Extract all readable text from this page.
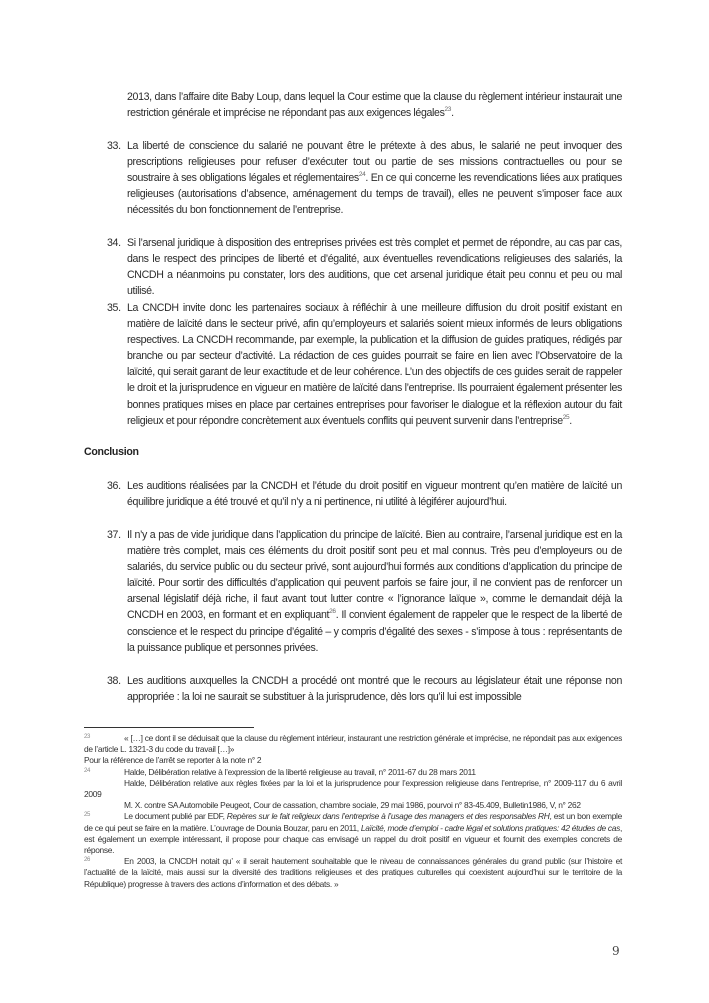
2013, dans l’affaire dite Baby Loup, dans lequel la Cour estime que la clause du règlement intérieur instaurait une restriction générale et imprécise ne répondant pas aux exigences légales$^{23}$.
33. La liberté de conscience du salarié ne pouvant être le prétexte à des abus, le salarié ne peut invoquer des prescriptions religieuses pour refuser d’exécuter tout ou partie de ses missions contractuelles ou pour se soustraire à ses obligations légales et réglementaires$^{24}$. En ce qui concerne les revendications liées aux pratiques religieuses (autorisations d’absence, aménagement du temps de travail), elles ne peuvent s’imposer face aux nécessités du bon fonctionnement de l’entreprise.
34. Si l’arsenal juridique à disposition des entreprises privées est très complet et permet de répondre, au cas par cas, dans le respect des principes de liberté et d’égalité, aux éventuelles revendications religieuses des salariés, la CNCDH a néanmoins pu constater, lors des auditions, que cet arsenal juridique était peu connu et peu ou mal utilisé.
35. La CNCDH invite donc les partenaires sociaux à réfléchir à une meilleure diffusion du droit positif existant en matière de laïcité dans le secteur privé, afin qu’employeurs et salariés soient mieux informés de leurs obligations respectives. La CNCDH recommande, par exemple, la publication et la diffusion de guides pratiques, rédigés par branche ou par secteur d’activité. La rédaction de ces guides pourrait se faire en lien avec l’Observatoire de la laïcité, qui serait garant de leur exactitude et de leur cohérence. L’un des objectifs de ces guides serait de rappeler le droit et la jurisprudence en vigueur en matière de laïcité dans l’entreprise. Ils pourraient également présenter les bonnes pratiques mises en place par certaines entreprises pour favoriser le dialogue et la réflexion autour du fait religieux et pour répondre concrètement aux éventuels conflits qui peuvent survenir dans l’entreprise$^{25}$.
Conclusion
36. Les auditions réalisées par la CNCDH et l’étude du droit positif en vigueur montrent qu’en matière de laïcité un équilibre juridique a été trouvé et qu’il n’y a ni pertinence, ni utilité à légiférer aujourd’hui.
37. Il n’y a pas de vide juridique dans l’application du principe de laïcité. Bien au contraire, l’arsenal juridique est en la matière très complet, mais ces éléments du droit positif sont peu et mal connus. Très peu d’employeurs ou de salariés, du service public ou du secteur privé, sont aujourd’hui formés aux conditions d’application du principe de laïcité. Pour sortir des difficultés d’application qui peuvent parfois se faire jour, il ne convient pas de renforcer un arsenal législatif déjà riche, il faut avant tout lutter contre « l’ignorance laïque », comme le demandait déjà la CNCDH en 2003, en formant et en expliquant$^{26}$. Il convient également de rappeler que le respect de la liberté de conscience et le respect du principe d’égalité – y compris d’égalité des sexes - s’impose à tous : représentants de la puissance publique et personnes privées.
38. Les auditions auxquelles la CNCDH a procédé ont montré que le recours au législateur était une réponse non appropriée : la loi ne saurait se substituer à la jurisprudence, dès lors qu’il lui est impossible
23	« […] ce dont il se déduisait que la clause du règlement intérieur, instaurant une restriction générale et imprécise, ne répondait pas aux exigences de l’article L. 1321-3 du code du travail […]»
Pour la référence de l’arrêt se reporter à la note n° 2
24	Halde, Délibération relative à l’expression de la liberté religieuse au travail, n° 2011-67 du 28 mars 2011
Halde, Délibération relative aux règles fixées par la loi et la jurisprudence pour l’expression religieuse dans l’entreprise, n° 2009-117 du 6 avril 2009
M. X. contre SA Automobile Peugeot, Cour de cassation, chambre sociale, 29 mai 1986, pourvoi n° 83-45.409, Bulletin1986, V, n° 262
25	Le document publié par EDF, Repères sur le fait religieux dans l’entreprise à l’usage des managers et des responsables RH, est un bon exemple de ce qui peut se faire en la matière. L’ouvrage de Dounia Bouzar, paru en 2011, Laïcité, mode d’emploi - cadre légal et solutions pratiques: 42 études de cas, est également un exemple intéressant, il propose pour chaque cas envisagé un rappel du droit positif en vigueur et fournit des exemples concrets de réponse.
26	En 2003, la CNCDH notait qu’ « il serait hautement souhaitable que le niveau de connaissances générales du grand public (sur l’histoire et l’actualité de la laïcité, mais aussi sur la diversité des traditions religieuses et des pratiques culturelles qui coexistent aujourd’hui sur le territoire de la République) progresse à travers des actions d’information et des débats. »
9
